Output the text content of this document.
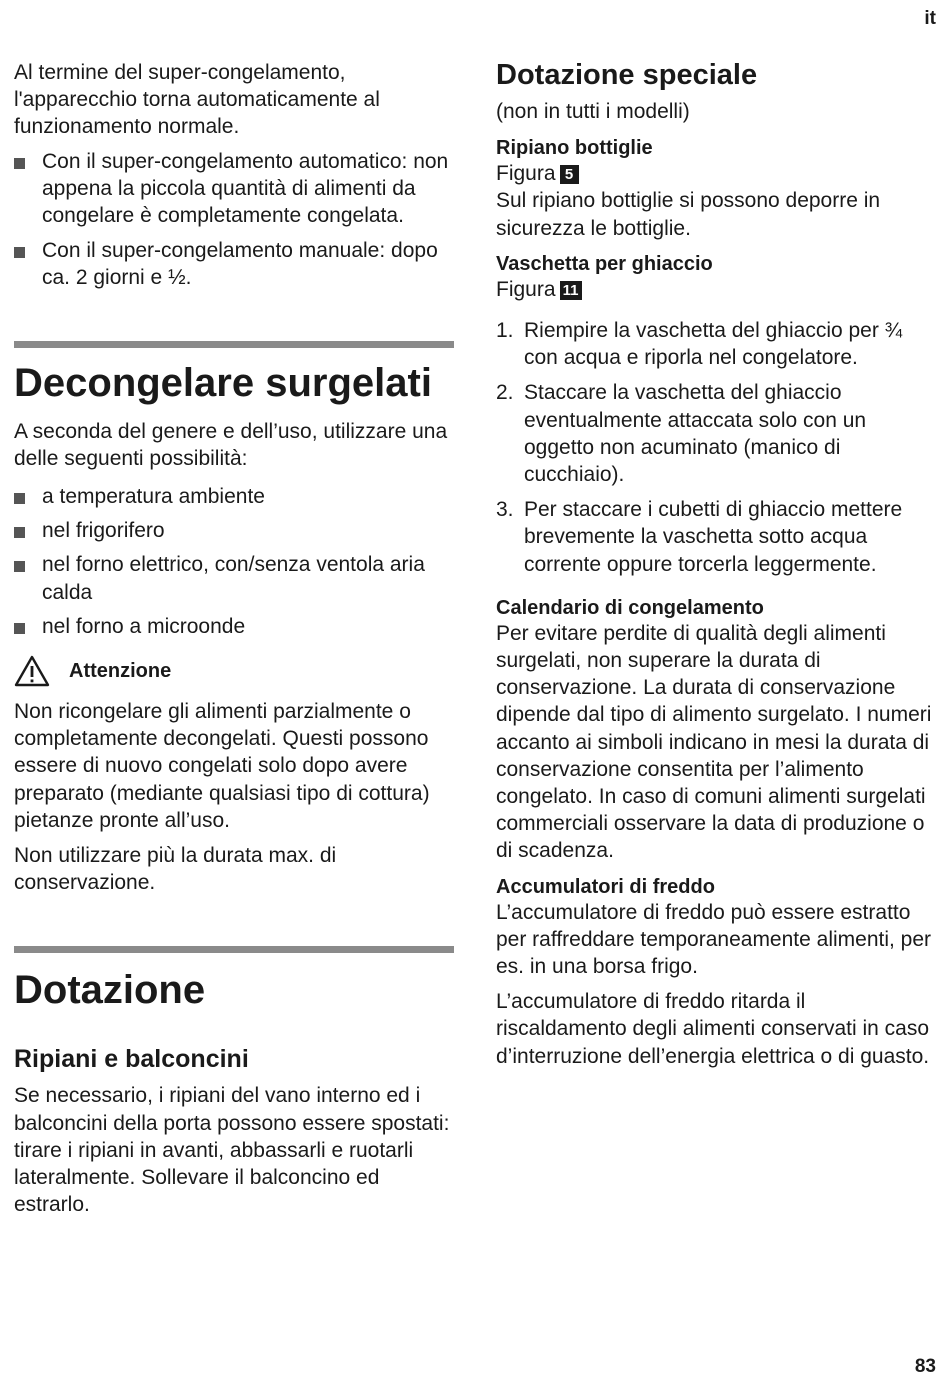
it

Al termine del super-congelamento, l'apparecchio torna automaticamente al funzionamento normale.

Con il super-congelamento automatico: non appena la piccola quantità di alimenti da congelare è completamente congelata.
Con il super-congelamento manuale: dopo ca. 2 giorni e ½.
Decongelare surgelati

A seconda del genere e dell’uso, utilizzare una delle seguenti possibilità:

a temperatura ambiente
nel frigorifero
nel forno elettrico, con/senza ventola aria calda
nel forno a microonde
Attenzione

Non ricongelare gli alimenti parzialmente o completamente decongelati. Questi possono essere di nuovo congelati solo dopo avere preparato (mediante qualsiasi tipo di cottura) pietanze pronte all’uso.

Non utilizzare più la durata max. di conservazione.

Dotazione
Ripiani e balconcini

Se necessario, i ripiani del vano interno ed i balconcini della porta possono essere spostati: tirare i ripiani in avanti, abbassarli e ruotarli lateralmente. Sollevare il balconcino ed estrarlo.

Dotazione speciale

(non in tutti i modelli)

Ripiano bottiglie

Figura 5

Sul ripiano bottiglie si possono deporre in sicurezza le bottiglie.

Vaschetta per ghiaccio

Figura 11

1. Riempire la vaschetta del ghiaccio per ¾ con acqua e riporla nel congelatore.
2. Staccare la vaschetta del ghiaccio eventualmente attaccata solo con un oggetto non acuminato (manico di cucchiaio).
3. Per staccare i cubetti di ghiaccio mettere brevemente la vaschetta sotto acqua corrente oppure torcerla leggermente.
Calendario di congelamento

Per evitare perdite di qualità degli alimenti surgelati, non superare la durata di conservazione. La durata di conservazione dipende dal tipo di alimento surgelato. I numeri accanto ai simboli indicano in mesi la durata di conservazione consentita per l’alimento congelato. In caso di comuni alimenti surgelati commerciali osservare la data di produzione o di scadenza.

Accumulatori di freddo

L’accumulatore di freddo può essere estratto per raffreddare temporaneamente alimenti, per es. in una borsa frigo.

L’accumulatore di freddo ritarda il riscaldamento degli alimenti conservati in caso d’interruzione dell’energia elettrica o di guasto.

83
